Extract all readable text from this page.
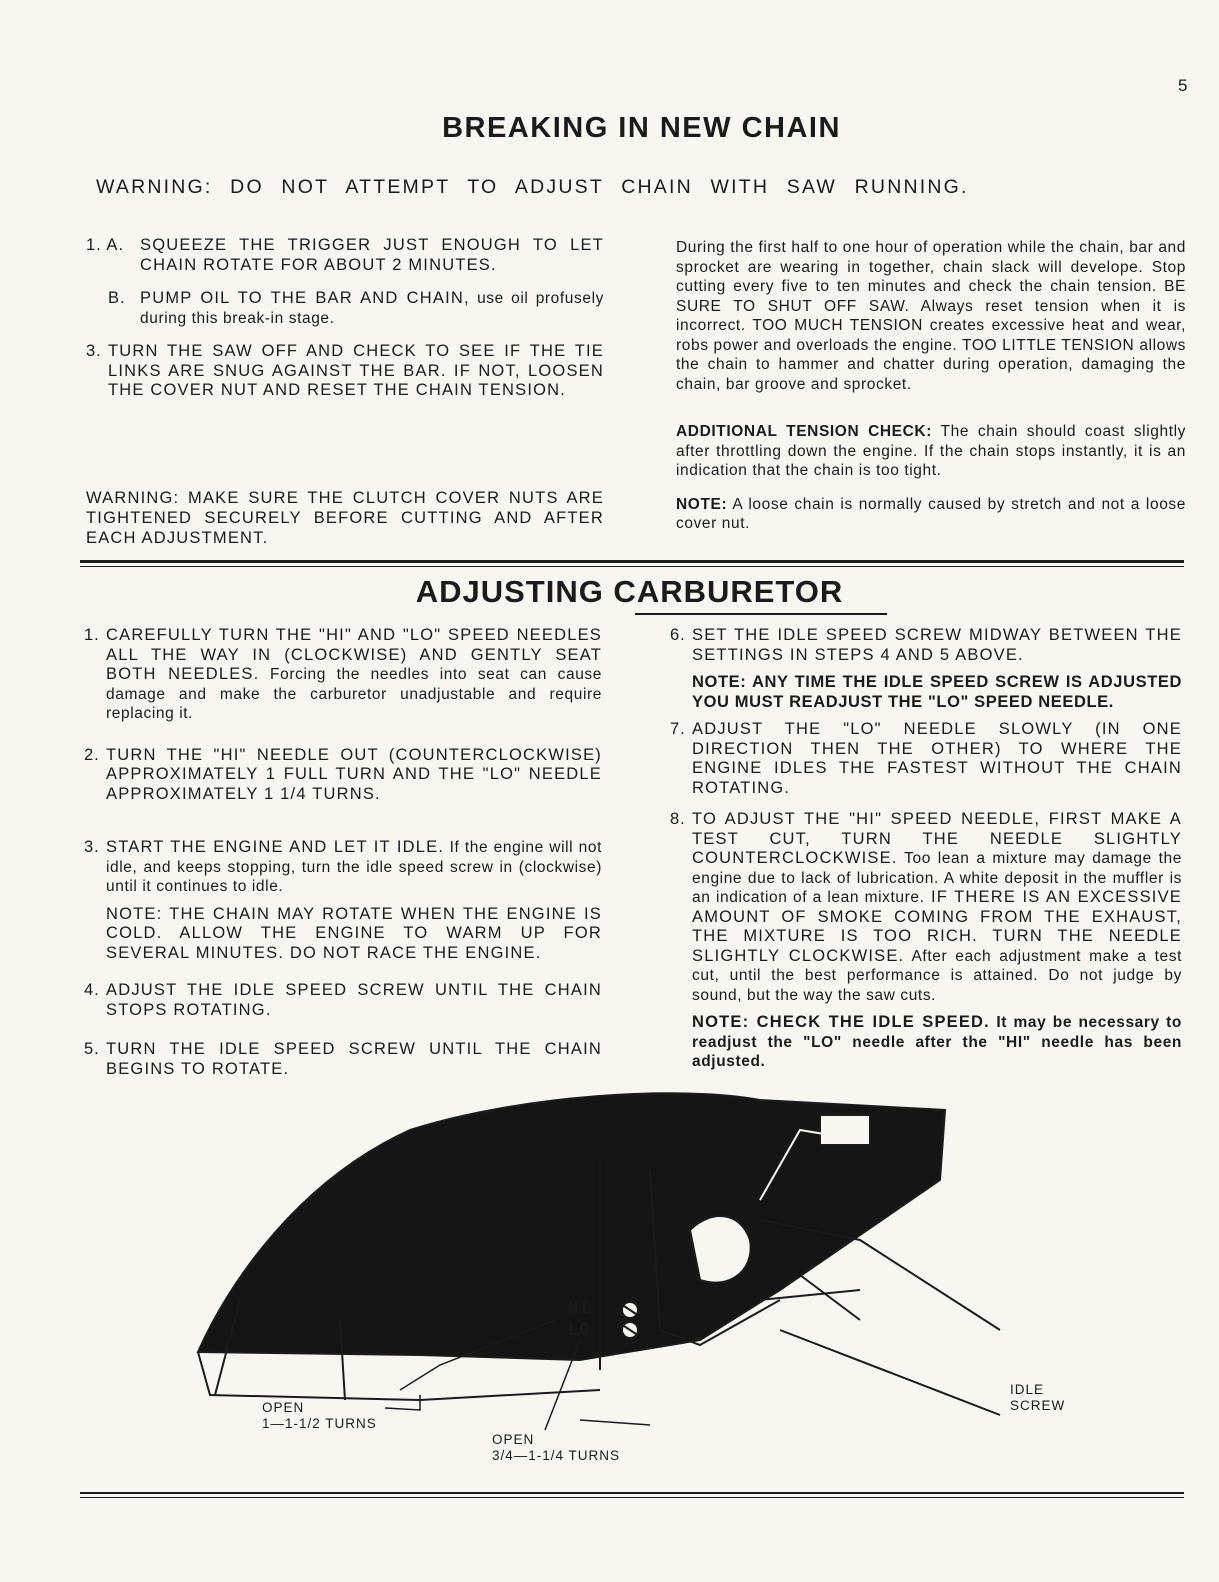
5
BREAKING IN NEW CHAIN
WARNING: DO NOT ATTEMPT TO ADJUST CHAIN WITH SAW RUNNING.
1. A. SQUEEZE THE TRIGGER JUST ENOUGH TO LET CHAIN ROTATE FOR ABOUT 2 MINUTES.
B. PUMP OIL TO THE BAR AND CHAIN, use oil profusely during this break-in stage.
3. TURN THE SAW OFF AND CHECK TO SEE IF THE TIE LINKS ARE SNUG AGAINST THE BAR. IF NOT, LOOSEN THE COVER NUT AND RESET THE CHAIN TENSION.
WARNING: MAKE SURE THE CLUTCH COVER NUTS ARE TIGHTENED SECURELY BEFORE CUTTING AND AFTER EACH ADJUSTMENT.
During the first half to one hour of operation while the chain, bar and sprocket are wearing in together, chain slack will develope. Stop cutting every five to ten minutes and check the chain tension. BE SURE TO SHUT OFF SAW. Always reset tension when it is incorrect. TOO MUCH TENSION creates excessive heat and wear, robs power and overloads the engine. TOO LITTLE TENSION allows the chain to hammer and chatter during operation, damaging the chain, bar groove and sprocket.
ADDITIONAL TENSION CHECK: The chain should coast slightly after throttling down the engine. If the chain stops instantly, it is an indication that the chain is too tight.
NOTE: A loose chain is normally caused by stretch and not a loose cover nut.
ADJUSTING CARBURETOR
1. CAREFULLY TURN THE "HI" AND "LO" SPEED NEEDLES ALL THE WAY IN (CLOCKWISE) AND GENTLY SEAT BOTH NEEDLES. Forcing the needles into seat can cause damage and make the carburetor unadjustable and require replacing it.
2. TURN THE "HI" NEEDLE OUT (COUNTERCLOCKWISE) APPROXIMATELY 1 FULL TURN AND THE "LO" NEEDLE APPROXIMATELY 1 1/4 TURNS.
3. START THE ENGINE AND LET IT IDLE. If the engine will not idle, and keeps stopping, turn the idle speed screw in (clockwise) until it continues to idle.
NOTE: THE CHAIN MAY ROTATE WHEN THE ENGINE IS COLD. ALLOW THE ENGINE TO WARM UP FOR SEVERAL MINUTES. DO NOT RACE THE ENGINE.
4. ADJUST THE IDLE SPEED SCREW UNTIL THE CHAIN STOPS ROTATING.
5. TURN THE IDLE SPEED SCREW UNTIL THE CHAIN BEGINS TO ROTATE.
6. SET THE IDLE SPEED SCREW MIDWAY BETWEEN THE SETTINGS IN STEPS 4 AND 5 ABOVE.
NOTE: ANY TIME THE IDLE SPEED SCREW IS ADJUSTED YOU MUST READJUST THE "LO" SPEED NEEDLE.
7. ADJUST THE "LO" NEEDLE SLOWLY (IN ONE DIRECTION THEN THE OTHER) TO WHERE THE ENGINE IDLES THE FASTEST WITHOUT THE CHAIN ROTATING.
8. TO ADJUST THE "HI" SPEED NEEDLE, FIRST MAKE A TEST CUT, TURN THE NEEDLE SLIGHTLY COUNTERCLOCKWISE. Too lean a mixture may damage the engine due to lack of lubrication. A white deposit in the muffler is an indication of a lean mixture. IF THERE IS AN EXCESSIVE AMOUNT OF SMOKE COMING FROM THE EXHAUST, THE MIXTURE IS TOO RICH. TURN THE NEEDLE SLIGHTLY CLOCKWISE. After each adjustment make a test cut, until the best performance is attained. Do not judge by sound, but the way the saw cuts.
NOTE: CHECK THE IDLE SPEED. It may be necessary to readjust the "LO" needle after the "HI" needle has been adjusted.
HI
LO
OPEN
1—1-1/2 TURNS
OPEN
3/4—1-1/4 TURNS
IDLE
SCREW
